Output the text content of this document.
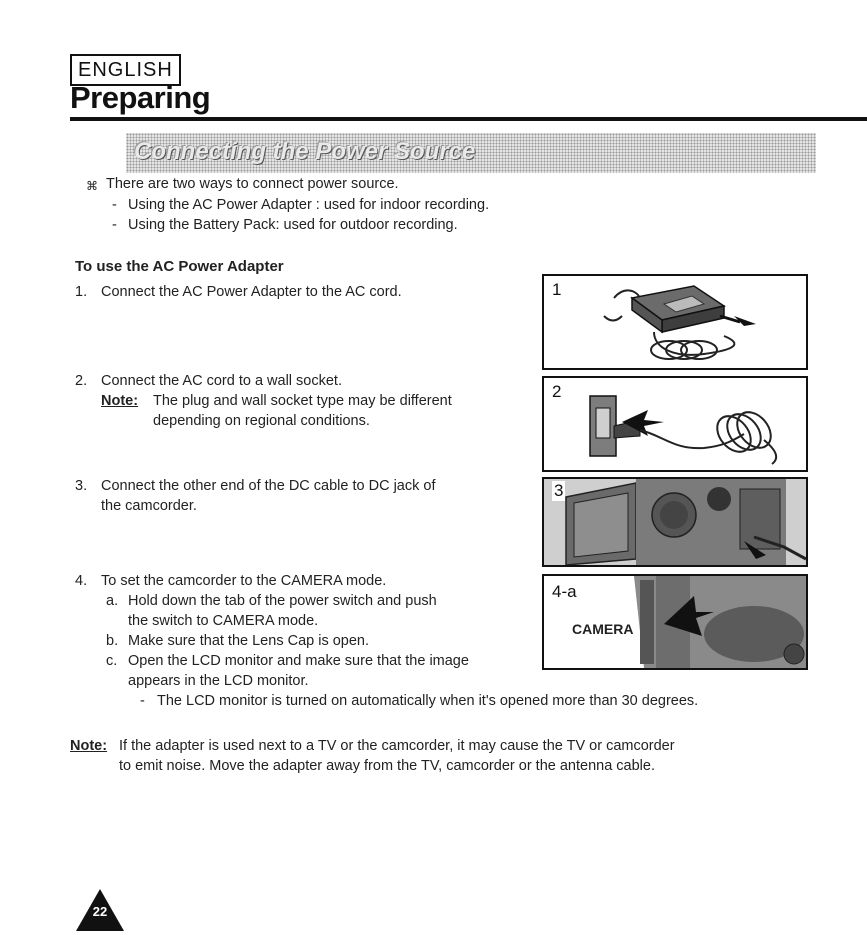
ENGLISH
Preparing
Connecting the Power Source
⌘ There are two ways to connect power source.
- Using the AC Power Adapter : used for indoor recording.
- Using the Battery Pack: used for outdoor recording.
To use the AC Power Adapter
1. Connect the AC Power Adapter to the AC cord.
2. Connect the AC cord to a wall socket.
Note: The plug and wall socket type may be different
depending on regional conditions.
3. Connect the other end of the DC cable to DC jack of
the camcorder.
4. To set the camcorder to the CAMERA mode.
a. Hold down the tab of the power switch and push
the switch to CAMERA mode.
b. Make sure that the Lens Cap is open.
c. Open the LCD monitor and make sure that the image
appears in the LCD monitor.
- The LCD monitor is turned on automatically when it's opened more than 30 degrees.
Note: If the adapter is used next to a TV or the camcorder, it may cause the TV or camcorder
to emit noise. Move the adapter away from the TV, camcorder or the antenna cable.
1
2
3
4-a
CAMERA
22
